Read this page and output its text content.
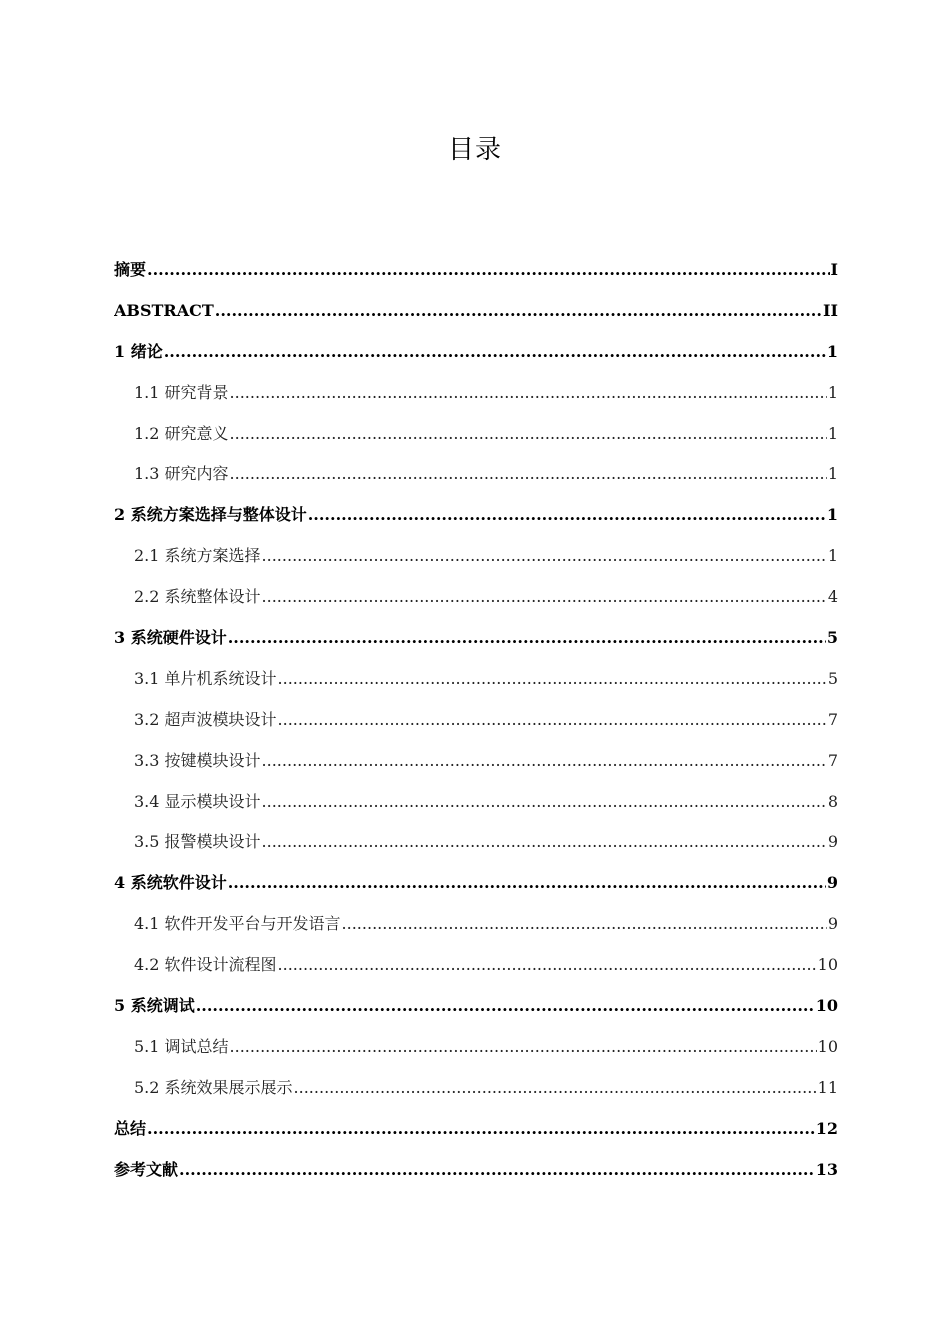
目录
摘要 .....	I
ABSTRACT .....	II
1 绪论 .....	1
1.1 研究背景 .....	1
1.2 研究意义 .....	1
1.3 研究内容 .....	1
2 系统方案选择与整体设计 .....	1
2.1 系统方案选择 .....	1
2.2 系统整体设计 .....	4
3 系统硬件设计 .....	5
3.1 单片机系统设计 .....	5
3.2 超声波模块设计 .....	7
3.3 按键模块设计 .....	7
3.4 显示模块设计 .....	8
3.5 报警模块设计 .....	9
4 系统软件设计 .....	9
4.1 软件开发平台与开发语言 .....	9
4.2 软件设计流程图 .....	10
5 系统调试 .....	10
5.1 调试总结 .....	10
5.2 系统效果展示展示 .....	11
总结 .....	12
参考文献 .....	13
